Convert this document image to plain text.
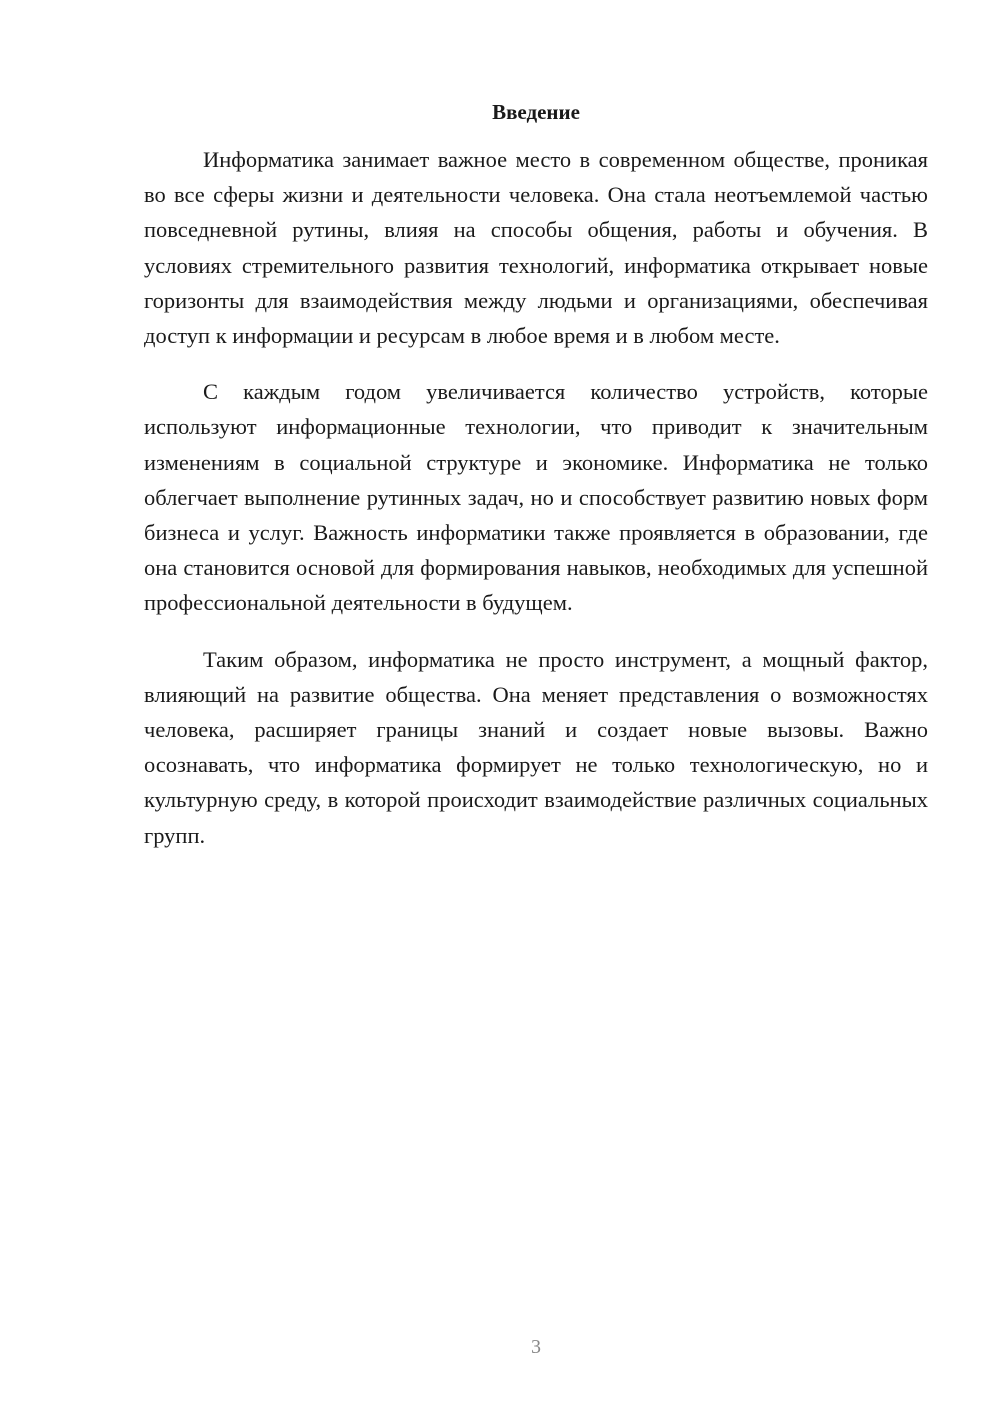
Введение

Информатика занимает важное место в современном обществе, проникая во все сферы жизни и деятельности человека. Она стала неотъемлемой частью повседневной рутины, влияя на способы общения, работы и обучения. В условиях стремительного развития технологий, информатика открывает новые горизонты для взаимодействия между людьми и организациями, обеспечивая доступ к информации и ресурсам в любое время и в любом месте.

С каждым годом увеличивается количество устройств, которые используют информационные технологии, что приводит к значительным изменениям в социальной структуре и экономике. Информатика не только облегчает выполнение рутинных задач, но и способствует развитию новых форм бизнеса и услуг. Важность информатики также проявляется в образовании, где она становится основой для формирования навыков, необходимых для успешной профессиональной деятельности в будущем.

Таким образом, информатика не просто инструмент, а мощный фактор, влияющий на развитие общества. Она меняет представления о возможностях человека, расширяет границы знаний и создает новые вызовы. Важно осознавать, что информатика формирует не только технологическую, но и культурную среду, в которой происходит взаимодействие различных социальных групп.

3
